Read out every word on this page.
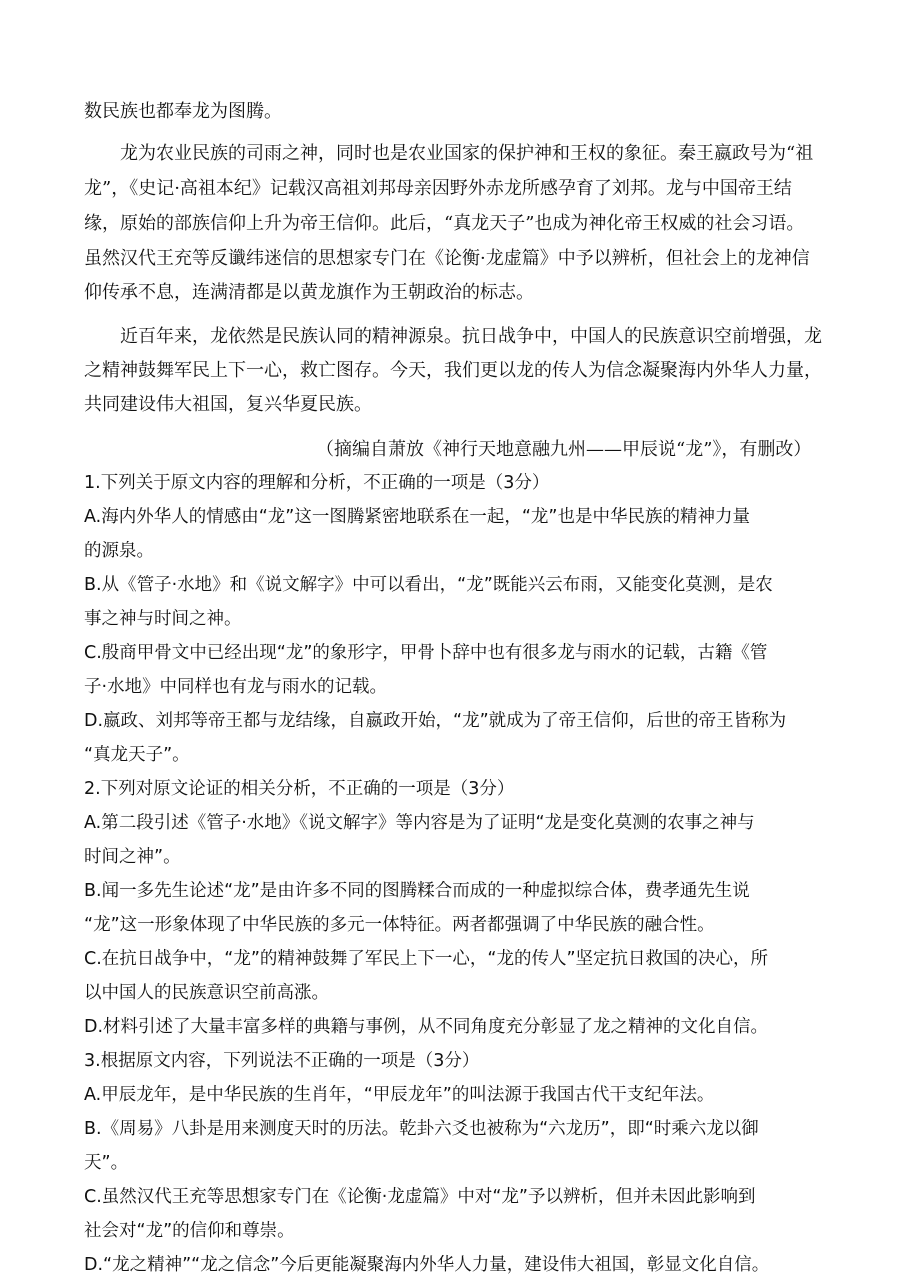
数民族也都奉龙为图腾。
龙为农业民族的司雨之神，同时也是农业国家的保护神和王权的象征。秦王嬴政号为“祖
龙”，《史记·高祖本纪》记载汉高祖刘邦母亲因野外赤龙所感孕育了刘邦。龙与中国帝王结
缘，原始的部族信仰上升为帝王信仰。此后，“真龙天子”也成为神化帝王权威的社会习语。
虽然汉代王充等反谶纬迷信的思想家专门在《论衡·龙虚篇》中予以辨析，但社会上的龙神信
仰传承不息，连满清都是以黄龙旗作为王朝政治的标志。
近百年来，龙依然是民族认同的精神源泉。抗日战争中，中国人的民族意识空前增强，龙
之精神鼓舞军民上下一心，救亡图存。今天，我们更以龙的传人为信念凝聚海内外华人力量，
共同建设伟大祖国，复兴华夏民族。
（摘编自萧放《神行天地意融九州——甲辰说“龙”》，有删改）
1.下列关于原文内容的理解和分析，不正确的一项是（3分）
A.海内外华人的情感由“龙”这一图腾紧密地联系在一起，“龙”也是中华民族的精神力量
的源泉。
B.从《管子·水地》和《说文解字》中可以看出，“龙”既能兴云布雨，又能变化莫测，是农
事之神与时间之神。
C.殷商甲骨文中已经出现“龙”的象形字，甲骨卜辞中也有很多龙与雨水的记载，古籍《管
子·水地》中同样也有龙与雨水的记载。
D.嬴政、刘邦等帝王都与龙结缘，自嬴政开始，“龙”就成为了帝王信仰，后世的帝王皆称为
“真龙天子”。
2.下列对原文论证的相关分析，不正确的一项是（3分）
A.第二段引述《管子·水地》《说文解字》等内容是为了证明“龙是变化莫测的农事之神与
时间之神”。
B.闻一多先生论述“龙”是由许多不同的图腾糅合而成的一种虚拟综合体，费孝通先生说
“龙”这一形象体现了中华民族的多元一体特征。两者都强调了中华民族的融合性。
C.在抗日战争中，“龙”的精神鼓舞了军民上下一心，“龙的传人”坚定抗日救国的决心，所
以中国人的民族意识空前高涨。
D.材料引述了大量丰富多样的典籍与事例，从不同角度充分彰显了龙之精神的文化自信。
3.根据原文内容，下列说法不正确的一项是（3分）
A.甲辰龙年，是中华民族的生肖年，“甲辰龙年”的叫法源于我国古代干支纪年法。
B.《周易》八卦是用来测度天时的历法。乾卦六爻也被称为“六龙历”，即“时乘六龙以御
天”。
C.虽然汉代王充等思想家专门在《论衡·龙虚篇》中对“龙”予以辨析，但并未因此影响到
社会对“龙”的信仰和尊崇。
D.“龙之精神”“龙之信念”今后更能凝聚海内外华人力量，建设伟大祖国，彰显文化自信。
